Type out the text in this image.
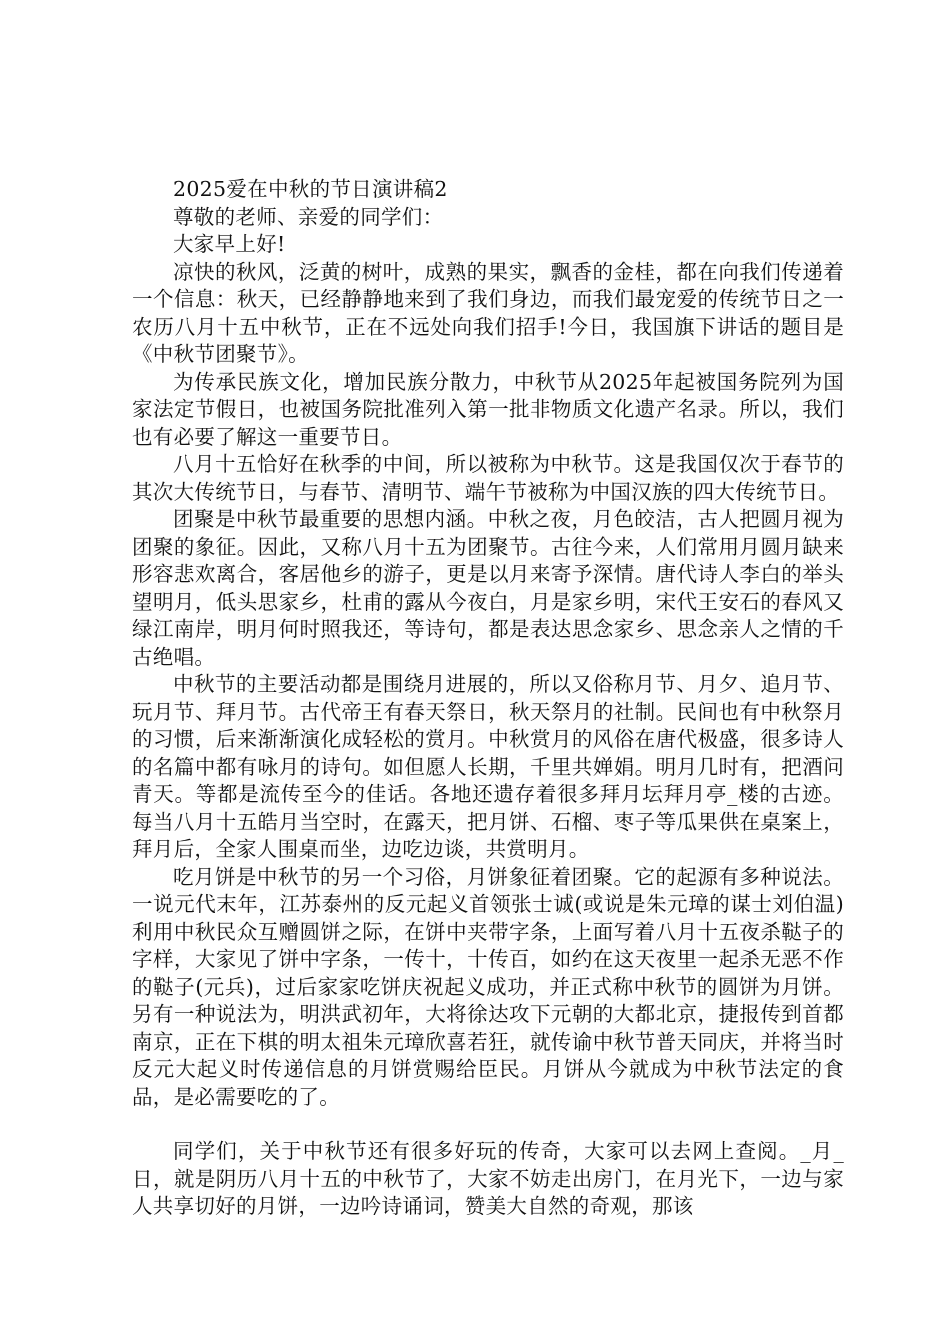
2025爱在中秋的节日演讲稿2

尊敬的老师、亲爱的同学们：

大家早上好!

凉快的秋风，泛黄的树叶，成熟的果实，飘香的金桂，都在向我们传递着一个信息：秋天，已经静静地来到了我们身边，而我们最宠爱的传统节日之一农历八月十五中秋节，正在不远处向我们招手!今日，我国旗下讲话的题目是《中秋节团聚节》。

为传承民族文化，增加民族分散力，中秋节从2025年起被国务院列为国家法定节假日，也被国务院批准列入第一批非物质文化遗产名录。所以，我们也有必要了解这一重要节日。

八月十五恰好在秋季的中间，所以被称为中秋节。这是我国仅次于春节的其次大传统节日，与春节、清明节、端午节被称为中国汉族的四大传统节日。

团聚是中秋节最重要的思想内涵。中秋之夜，月色皎洁，古人把圆月视为团聚的象征。因此，又称八月十五为团聚节。古往今来，人们常用月圆月缺来形容悲欢离合，客居他乡的游子，更是以月来寄予深情。唐代诗人李白的举头望明月，低头思家乡，杜甫的露从今夜白，月是家乡明，宋代王安石的春风又绿江南岸，明月何时照我还，等诗句，都是表达思念家乡、思念亲人之情的千古绝唱。

中秋节的主要活动都是围绕月进展的，所以又俗称月节、月夕、追月节、玩月节、拜月节。古代帝王有春天祭日，秋天祭月的社制。民间也有中秋祭月的习惯，后来渐渐演化成轻松的赏月。中秋赏月的风俗在唐代极盛，很多诗人的名篇中都有咏月的诗句。如但愿人长期，千里共婵娟。明月几时有，把酒问青天。等都是流传至今的佳话。各地还遗存着很多拜月坛拜月亭_楼的古迹。每当八月十五皓月当空时，在露天，把月饼、石榴、枣子等瓜果供在桌案上，拜月后，全家人围桌而坐，边吃边谈，共赏明月。

吃月饼是中秋节的另一个习俗，月饼象征着团聚。它的起源有多种说法。一说元代末年，江苏泰州的反元起义首领张士诚(或说是朱元璋的谋士刘伯温)利用中秋民众互赠圆饼之际，在饼中夹带字条，上面写着八月十五夜杀鞑子的字样，大家见了饼中字条，一传十，十传百，如约在这天夜里一起杀无恶不作的鞑子(元兵)，过后家家吃饼庆祝起义成功，并正式称中秋节的圆饼为月饼。另有一种说法为，明洪武初年，大将徐达攻下元朝的大都北京，捷报传到首都南京，正在下棋的明太祖朱元璋欣喜若狂，就传谕中秋节普天同庆，并将当时反元大起义时传递信息的月饼赏赐给臣民。月饼从今就成为中秋节法定的食品，是必需要吃的了。

同学们，关于中秋节还有很多好玩的传奇，大家可以去网上查阅。_月_日，就是阴历八月十五的中秋节了，大家不妨走出房门，在月光下，一边与家人共享切好的月饼，一边吟诗诵词，赞美大自然的奇观，那该
